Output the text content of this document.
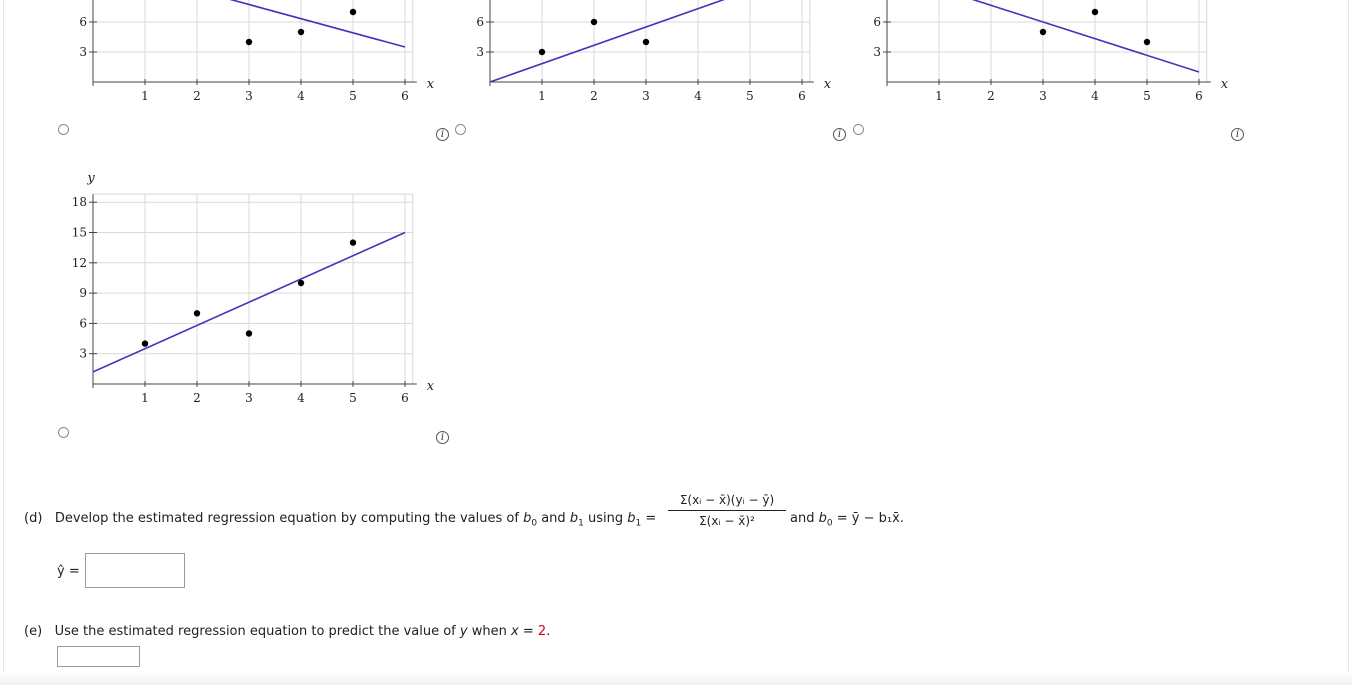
1	2	3	4	5	6
3
6
x
1	2	3	4	5	6
3
6
x
1	2	3	4	5	6
3
6
x
1	2	3	4	5	6
3
6
9
12
15
18
x
y
i	i	i
i
(d) Develop the estimated regression equation by computing the values of $b_0$ and $b_1$ using $b_1$ =
Σ(xᵢ − x̄)(yᵢ − ȳ)
Σ(xᵢ − x̄)²	and $b_0$ = ȳ − b₁x̄.
ŷ =
(e) Use the estimated regression equation to predict the value of y when x = 2.
